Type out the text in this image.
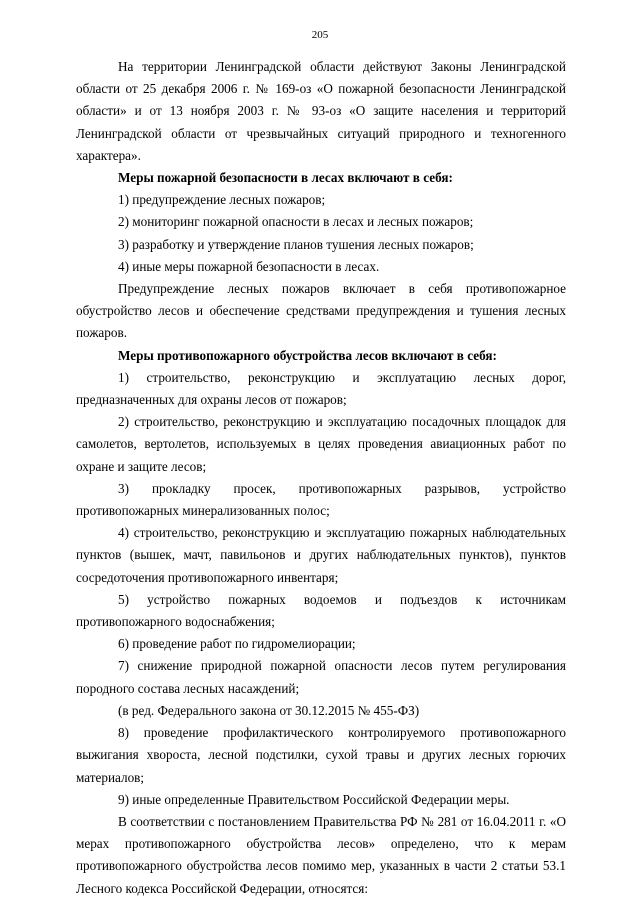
205

На территории Ленинградской области действуют Законы Ленинградской области от 25 декабря 2006 г. № 169-оз «О пожарной безопасности Ленинградской области» и от 13 ноября 2003 г. № 93-оз «О защите населения и территорий Ленинградской области от чрезвычайных ситуаций природного и техногенного характера».

Меры пожарной безопасности в лесах включают в себя:

1) предупреждение лесных пожаров;

2) мониторинг пожарной опасности в лесах и лесных пожаров;

3) разработку и утверждение планов тушения лесных пожаров;

4) иные меры пожарной безопасности в лесах.

Предупреждение лесных пожаров включает в себя противопожарное обустройство лесов и обеспечение средствами предупреждения и тушения лесных пожаров.

Меры противопожарного обустройства лесов включают в себя:

1) строительство, реконструкцию и эксплуатацию лесных дорог, предназначенных для охраны лесов от пожаров;

2) строительство, реконструкцию и эксплуатацию посадочных площадок для самолетов, вертолетов, используемых в целях проведения авиационных работ по охране и защите лесов;

3) прокладку просек, противопожарных разрывов, устройство противопожарных минерализованных полос;

4) строительство, реконструкцию и эксплуатацию пожарных наблюдательных пунктов (вышек, мачт, павильонов и других наблюдательных пунктов), пунктов сосредоточения противопожарного инвентаря;

5) устройство пожарных водоемов и подъездов к источникам противопожарного водоснабжения;

6) проведение работ по гидромелиорации;

7) снижение природной пожарной опасности лесов путем регулирования породного состава лесных насаждений;

(в ред. Федерального закона от 30.12.2015 № 455-ФЗ)

8) проведение профилактического контролируемого противопожарного выжигания хвороста, лесной подстилки, сухой травы и других лесных горючих материалов;

9) иные определенные Правительством Российской Федерации меры.

В соответствии с постановлением Правительства РФ № 281 от 16.04.2011 г. «О мерах противопожарного обустройства лесов» определено, что к мерам противопожарного обустройства лесов помимо мер, указанных в части 2 статьи 53.1 Лесного кодекса Российской Федерации, относятся:
